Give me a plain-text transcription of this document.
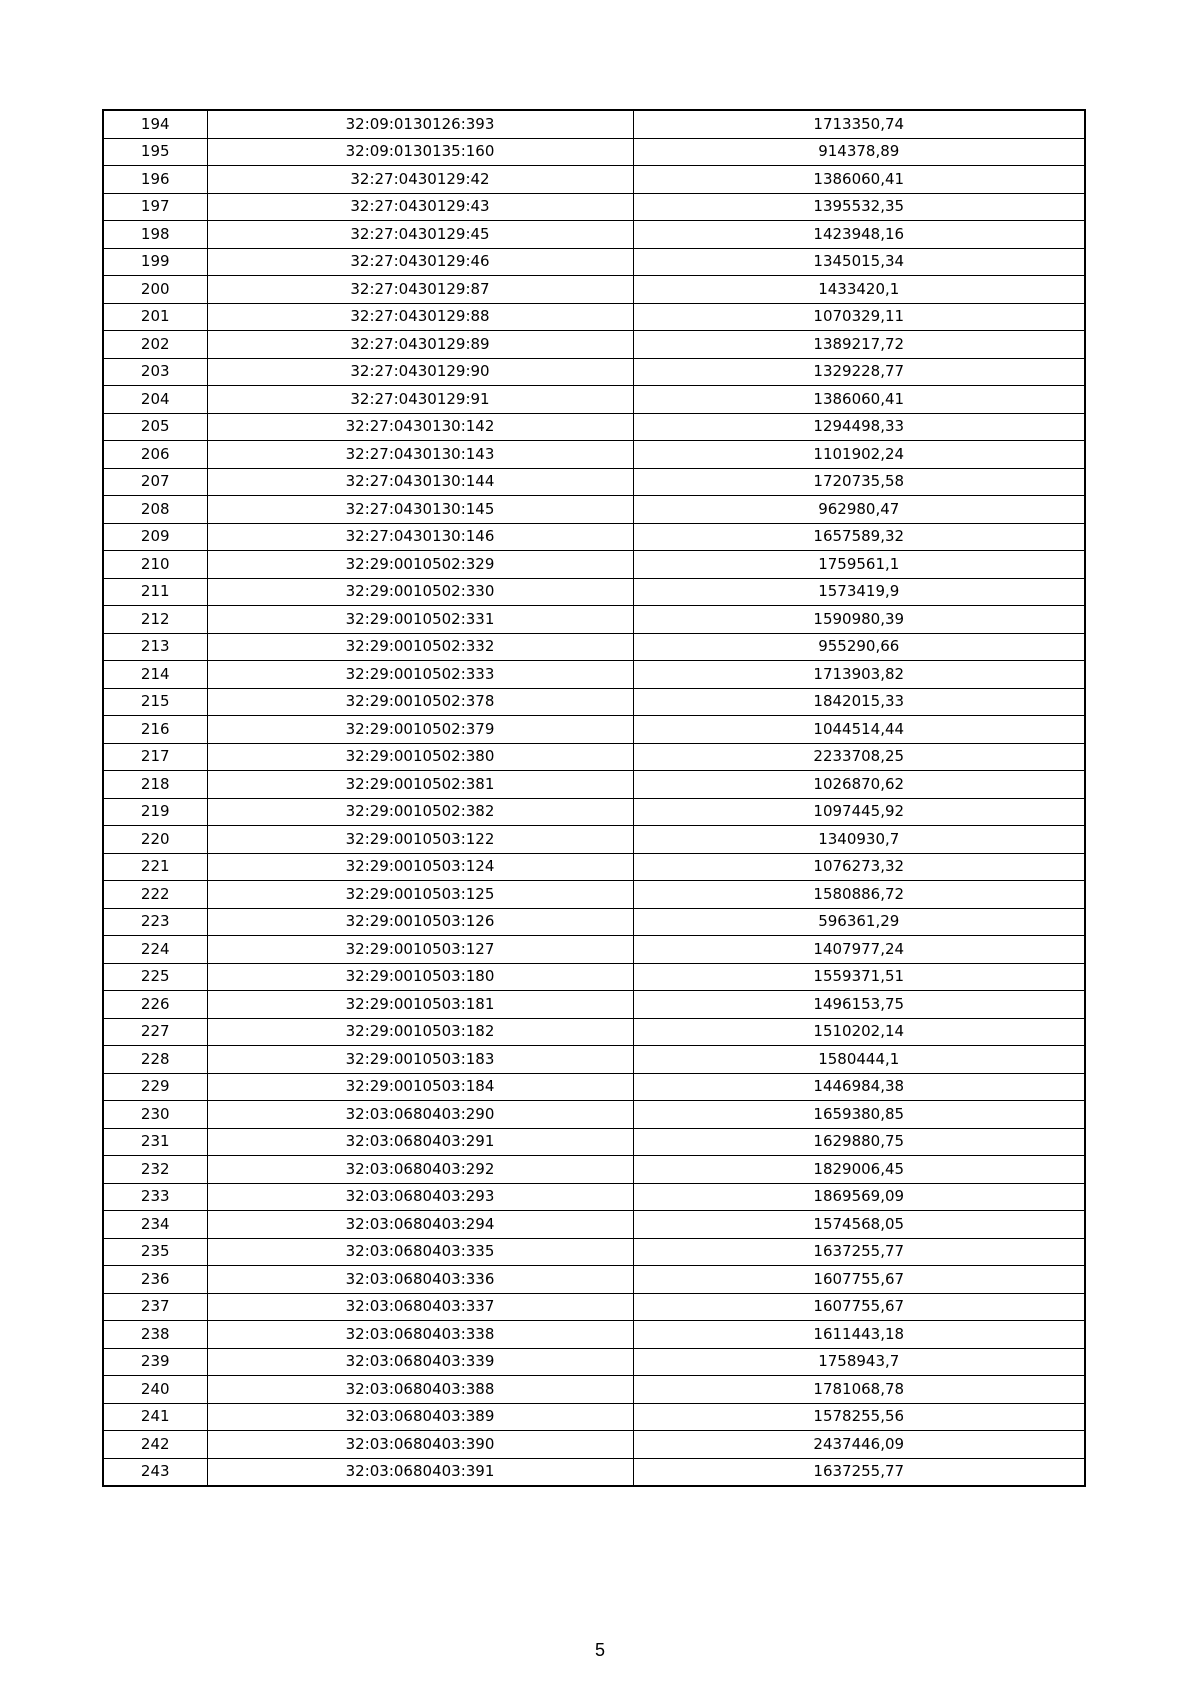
194	32:09:0130126:393	1713350,74
195	32:09:0130135:160	914378,89
196	32:27:0430129:42	1386060,41
197	32:27:0430129:43	1395532,35
198	32:27:0430129:45	1423948,16
199	32:27:0430129:46	1345015,34
200	32:27:0430129:87	1433420,1
201	32:27:0430129:88	1070329,11
202	32:27:0430129:89	1389217,72
203	32:27:0430129:90	1329228,77
204	32:27:0430129:91	1386060,41
205	32:27:0430130:142	1294498,33
206	32:27:0430130:143	1101902,24
207	32:27:0430130:144	1720735,58
208	32:27:0430130:145	962980,47
209	32:27:0430130:146	1657589,32
210	32:29:0010502:329	1759561,1
211	32:29:0010502:330	1573419,9
212	32:29:0010502:331	1590980,39
213	32:29:0010502:332	955290,66
214	32:29:0010502:333	1713903,82
215	32:29:0010502:378	1842015,33
216	32:29:0010502:379	1044514,44
217	32:29:0010502:380	2233708,25
218	32:29:0010502:381	1026870,62
219	32:29:0010502:382	1097445,92
220	32:29:0010503:122	1340930,7
221	32:29:0010503:124	1076273,32
222	32:29:0010503:125	1580886,72
223	32:29:0010503:126	596361,29
224	32:29:0010503:127	1407977,24
225	32:29:0010503:180	1559371,51
226	32:29:0010503:181	1496153,75
227	32:29:0010503:182	1510202,14
228	32:29:0010503:183	1580444,1
229	32:29:0010503:184	1446984,38
230	32:03:0680403:290	1659380,85
231	32:03:0680403:291	1629880,75
232	32:03:0680403:292	1829006,45
233	32:03:0680403:293	1869569,09
234	32:03:0680403:294	1574568,05
235	32:03:0680403:335	1637255,77
236	32:03:0680403:336	1607755,67
237	32:03:0680403:337	1607755,67
238	32:03:0680403:338	1611443,18
239	32:03:0680403:339	1758943,7
240	32:03:0680403:388	1781068,78
241	32:03:0680403:389	1578255,56
242	32:03:0680403:390	2437446,09
243	32:03:0680403:391	1637255,77
5
